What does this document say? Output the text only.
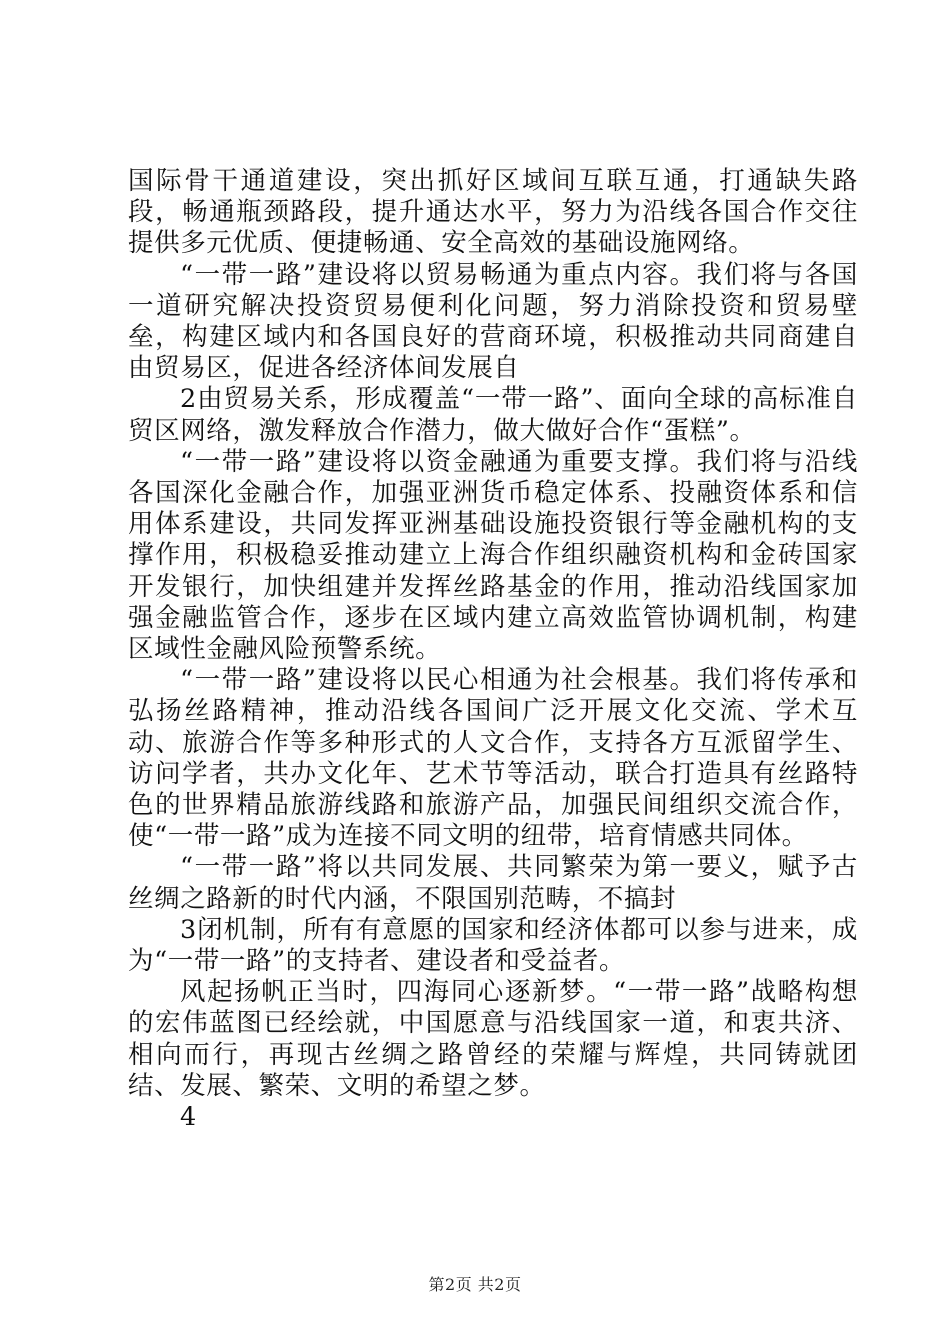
国际骨干通道建设，突出抓好区域间互联互通，打通缺失路段，畅通瓶颈路段，提升通达水平，努力为沿线各国合作交往提供多元优质、便捷畅通、安全高效的基础设施网络。

“一带一路”建设将以贸易畅通为重点内容。我们将与各国一道研究解决投资贸易便利化问题，努力消除投资和贸易壁垒，构建区域内和各国良好的营商环境，积极推动共同商建自由贸易区，促进各经济体间发展自

2由贸易关系，形成覆盖“一带一路”、面向全球的高标准自贸区网络，激发释放合作潜力，做大做好合作“蛋糕”。

“一带一路”建设将以资金融通为重要支撑。我们将与沿线各国深化金融合作，加强亚洲货币稳定体系、投融资体系和信用体系建设，共同发挥亚洲基础设施投资银行等金融机构的支撑作用，积极稳妥推动建立上海合作组织融资机构和金砖国家开发银行，加快组建并发挥丝路基金的作用，推动沿线国家加强金融监管合作，逐步在区域内建立高效监管协调机制，构建区域性金融风险预警系统。

“一带一路”建设将以民心相通为社会根基。我们将传承和弘扬丝路精神，推动沿线各国间广泛开展文化交流、学术互动、旅游合作等多种形式的人文合作，支持各方互派留学生、访问学者，共办文化年、艺术节等活动，联合打造具有丝路特色的世界精品旅游线路和旅游产品，加强民间组织交流合作，使“一带一路”成为连接不同文明的纽带，培育情感共同体。

“一带一路”将以共同发展、共同繁荣为第一要义，赋予古丝绸之路新的时代内涵，不限国别范畴，不搞封

3闭机制，所有有意愿的国家和经济体都可以参与进来，成为“一带一路”的支持者、建设者和受益者。

风起扬帆正当时，四海同心逐新梦。“一带一路”战略构想的宏伟蓝图已经绘就，中国愿意与沿线国家一道，和衷共济、相向而行，再现古丝绸之路曾经的荣耀与辉煌，共同铸就团结、发展、繁荣、文明的希望之梦。

4

第2页 共2页
